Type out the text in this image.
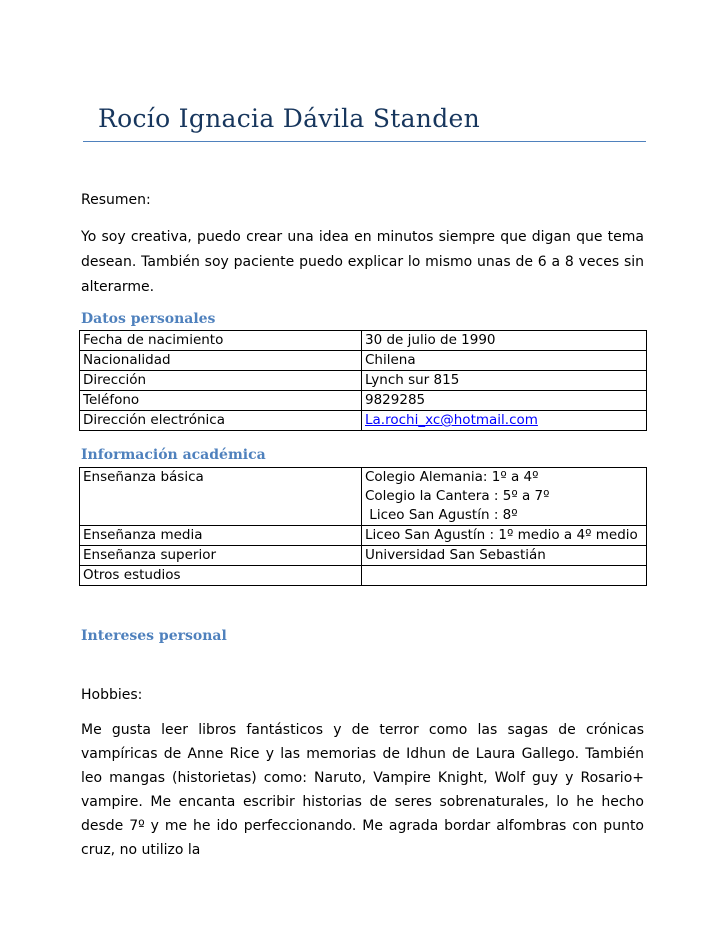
Rocío Ignacia Dávila Standen
Resumen:

Yo soy creativa, puedo crear una idea en minutos siempre que digan que tema desean. También soy paciente puedo explicar lo mismo unas de 6 a 8 veces sin alterarme.

Datos personales
Fecha de nacimiento	30 de julio de 1990
Nacionalidad	Chilena
Dirección	Lynch sur 815
Teléfono	9829285
Dirección electrónica	La.rochi_xc@hotmail.com
Información académica
Enseñanza básica	Colegio Alemania: 1º a 4º
Colegio la Cantera : 5º a 7º
Liceo San Agustín : 8º

Enseñanza media	Liceo San Agustín : 1º medio a 4º medio
Enseñanza superior	Universidad San Sebastián
Otros estudios	
Intereses personal
Hobbies:

Me gusta leer libros fantásticos y de terror como las sagas de crónicas vampíricas de Anne Rice y las memorias de Idhun de Laura Gallego. También leo mangas (historietas) como: Naruto, Vampire Knight, Wolf guy y Rosario+ vampire. Me encanta escribir historias de seres sobrenaturales, lo he hecho desde 7º y me he ido perfeccionando. Me agrada bordar alfombras con punto cruz, no utilizo la
